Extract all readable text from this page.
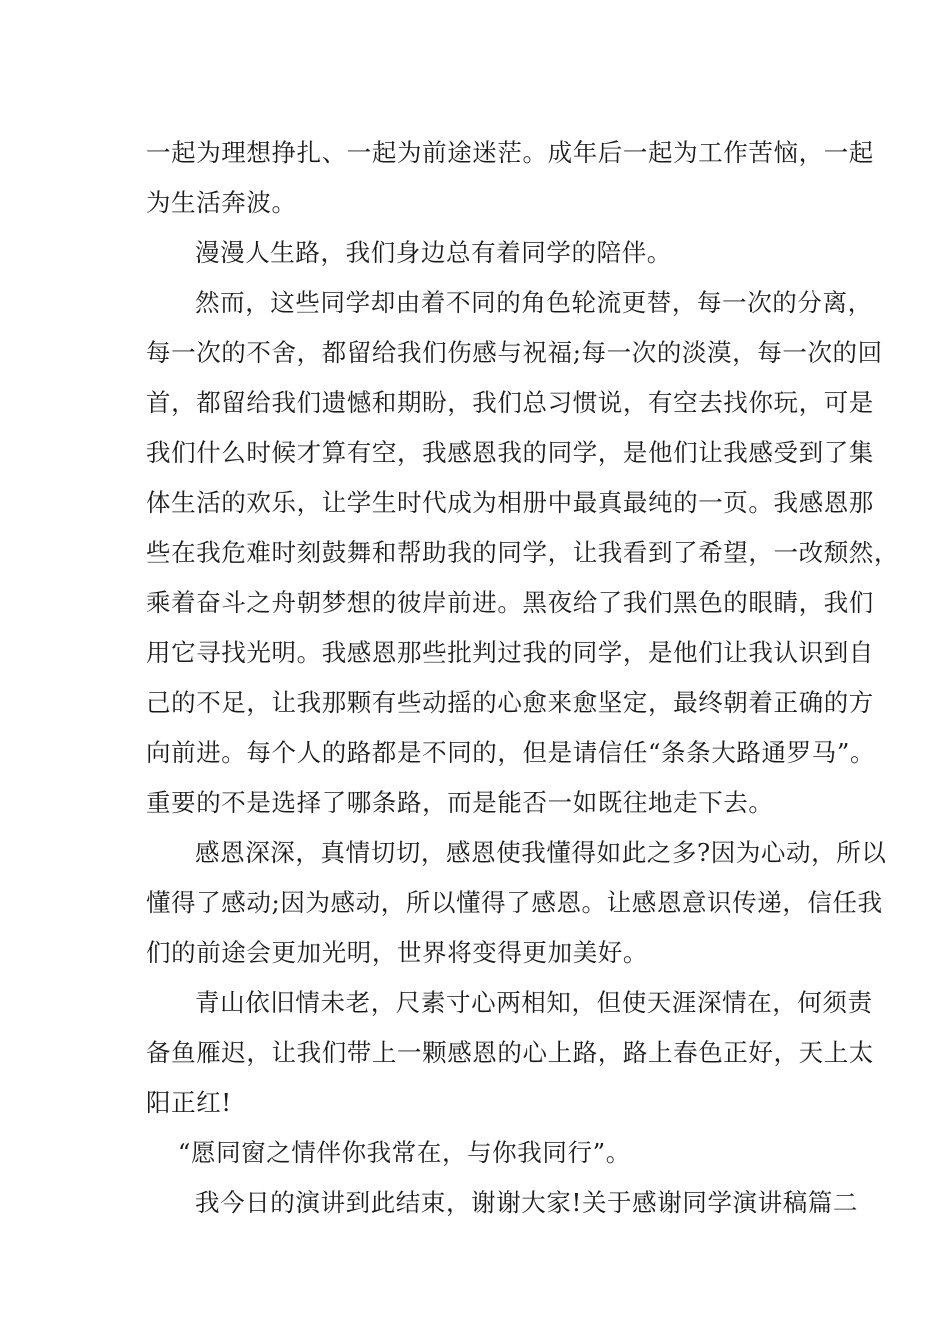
一起为理想挣扎、一起为前途迷茫。成年后一起为工作苦恼，一起
为生活奔波。

漫漫人生路，我们身边总有着同学的陪伴。

然而，这些同学却由着不同的角色轮流更替，每一次的分离，
每一次的不舍，都留给我们伤感与祝福;每一次的淡漠，每一次的回
首，都留给我们遗憾和期盼，我们总习惯说，有空去找你玩，可是
我们什么时候才算有空，我感恩我的同学，是他们让我感受到了集
体生活的欢乐，让学生时代成为相册中最真最纯的一页。我感恩那
些在我危难时刻鼓舞和帮助我的同学，让我看到了希望，一改颓然，
乘着奋斗之舟朝梦想的彼岸前进。黑夜给了我们黑色的眼睛，我们
用它寻找光明。我感恩那些批判过我的同学，是他们让我认识到自
己的不足，让我那颗有些动摇的心愈来愈坚定，最终朝着正确的方
向前进。每个人的路都是不同的，但是请信任“条条大路通罗马”。
重要的不是选择了哪条路，而是能否一如既往地走下去。

感恩深深，真情切切，感恩使我懂得如此之多?因为心动，所以
懂得了感动;因为感动，所以懂得了感恩。让感恩意识传递，信任我
们的前途会更加光明，世界将变得更加美好。

青山依旧情未老，尺素寸心两相知，但使天涯深情在，何须责
备鱼雁迟，让我们带上一颗感恩的心上路，路上春色正好，天上太
阳正红!

“愿同窗之情伴你我常在，与你我同行”。

我今日的演讲到此结束，谢谢大家!关于感谢同学演讲稿篇二
